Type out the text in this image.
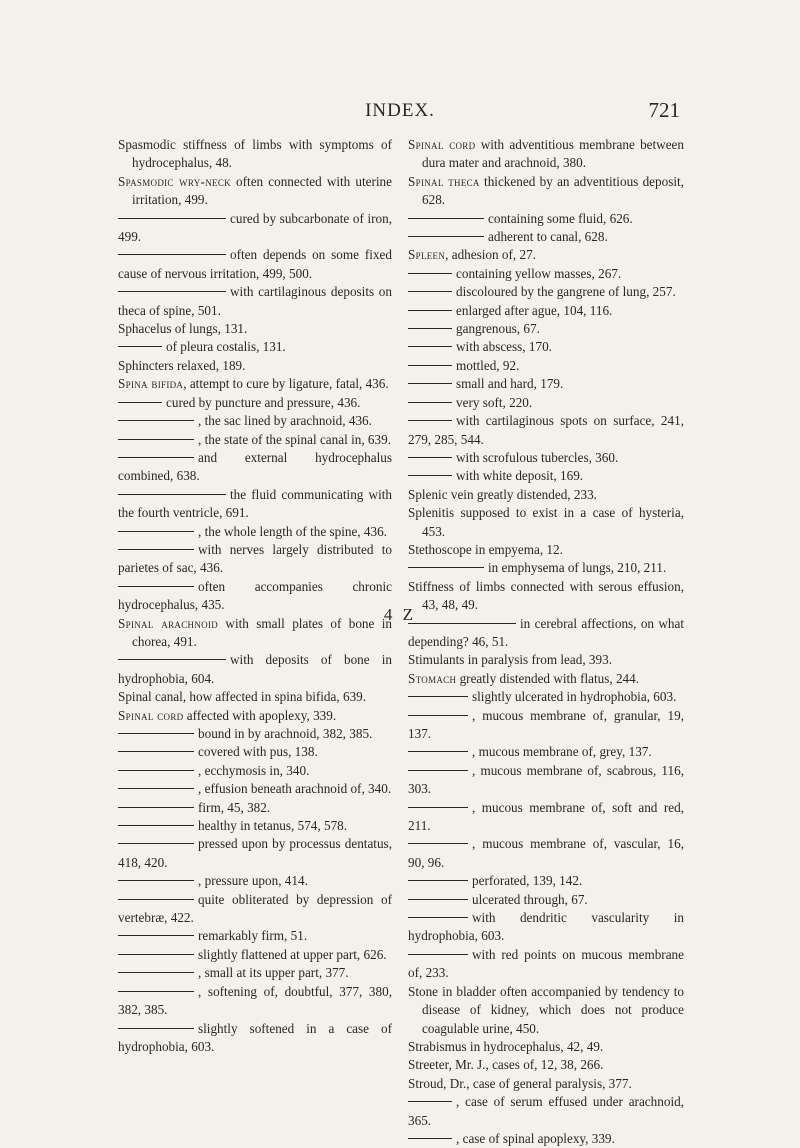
INDEX.	721

Spasmodic stiffness of limbs with symptoms of hydrocephalus, 48.

Spasmodic wry-neck often connected with uterine irritation, 499.

cured by subcarbonate of iron, 499.

often depends on some fixed cause of nervous irritation, 499, 500.

with cartilaginous deposits on theca of spine, 501.

Sphacelus of lungs, 131.

of pleura costalis, 131.

Sphincters relaxed, 189.

Spina bifida, attempt to cure by ligature, fatal, 436.

cured by puncture and pressure, 436.

, the sac lined by arachnoid, 436.

, the state of the spinal canal in, 639.

and external hydrocephalus combined, 638.

the fluid communicating with the fourth ventricle, 691.

, the whole length of the spine, 436.

with nerves largely distributed to parietes of sac, 436.

often accompanies chronic hydrocephalus, 435.

Spinal arachnoid with small plates of bone in chorea, 491.

with deposits of bone in hydrophobia, 604.

Spinal canal, how affected in spina bifida, 639.

Spinal cord affected with apoplexy, 339.

bound in by arachnoid, 382, 385.

covered with pus, 138.

, ecchymosis in, 340.

, effusion beneath arachnoid of, 340.

firm, 45, 382.

healthy in tetanus, 574, 578.

pressed upon by processus dentatus, 418, 420.

, pressure upon, 414.

quite obliterated by depression of vertebræ, 422.

remarkably firm, 51.

slightly flattened at upper part, 626.

, small at its upper part, 377.

, softening of, doubtful, 377, 380, 382, 385.

slightly softened in a case of hydrophobia, 603.

Spinal cord with adventitious membrane between dura mater and arachnoid, 380.

Spinal theca thickened by an adventitious deposit, 628.

containing some fluid, 626.

adherent to canal, 628.

Spleen, adhesion of, 27.

containing yellow masses, 267.

discoloured by the gangrene of lung, 257.

enlarged after ague, 104, 116.

gangrenous, 67.

with abscess, 170.

mottled, 92.

small and hard, 179.

very soft, 220.

with cartilaginous spots on surface, 241, 279, 285, 544.

with scrofulous tubercles, 360.

with white deposit, 169.

Splenic vein greatly distended, 233.

Splenitis supposed to exist in a case of hysteria, 453.

Stethoscope in empyema, 12.

in emphysema of lungs, 210, 211.

Stiffness of limbs connected with serous effusion, 43, 48, 49.

in cerebral affections, on what depending? 46, 51.

Stimulants in paralysis from lead, 393.

Stomach greatly distended with flatus, 244.

slightly ulcerated in hydrophobia, 603.

, mucous membrane of, granular, 19, 137.

, mucous membrane of, grey, 137.

, mucous membrane of, scabrous, 116, 303.

, mucous membrane of, soft and red, 211.

, mucous membrane of, vascular, 16, 90, 96.

perforated, 139, 142.

ulcerated through, 67.

with dendritic vascularity in hydrophobia, 603.

with red points on mucous membrane of, 233.

Stone in bladder often accompanied by tendency to disease of kidney, which does not produce coagulable urine, 450.

Strabismus in hydrocephalus, 42, 49.

Streeter, Mr. J., cases of, 12, 38, 266.

Stroud, Dr., case of general paralysis, 377.

, case of serum effused under arachnoid, 365.

, case of spinal apoplexy, 339.

4 Z
